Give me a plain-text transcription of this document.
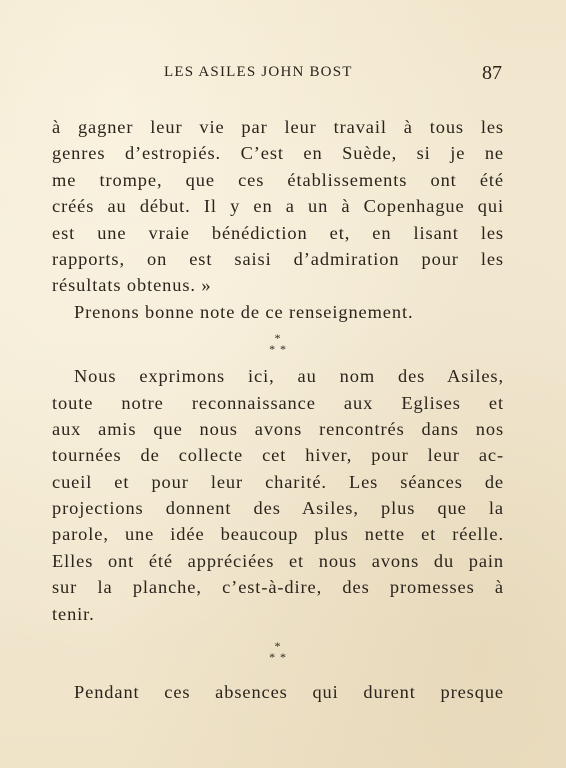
LES ASILES JOHN BOST	87
à gagner leur vie par leur travail à tous les
genres d’estropiés. C’est en Suède, si je ne
me trompe, que ces établissements ont été
créés au début. Il y en a un à Copenhague qui
est une vraie bénédiction et, en lisant les
rapports, on est saisi d’admiration pour les
résultats obtenus. »
Prenons bonne note de ce renseignement.
*
* *
Nous exprimons ici, au nom des Asiles,
toute notre reconnaissance aux Eglises et
aux amis que nous avons rencontrés dans nos
tournées de collecte cet hiver, pour leur ac-
cueil et pour leur charité. Les séances de
projections donnent des Asiles, plus que la
parole, une idée beaucoup plus nette et réelle.
Elles ont été appréciées et nous avons du pain
sur la planche, c’est-à-dire, des promesses à
tenir.
*
* *
Pendant ces absences qui durent presque
